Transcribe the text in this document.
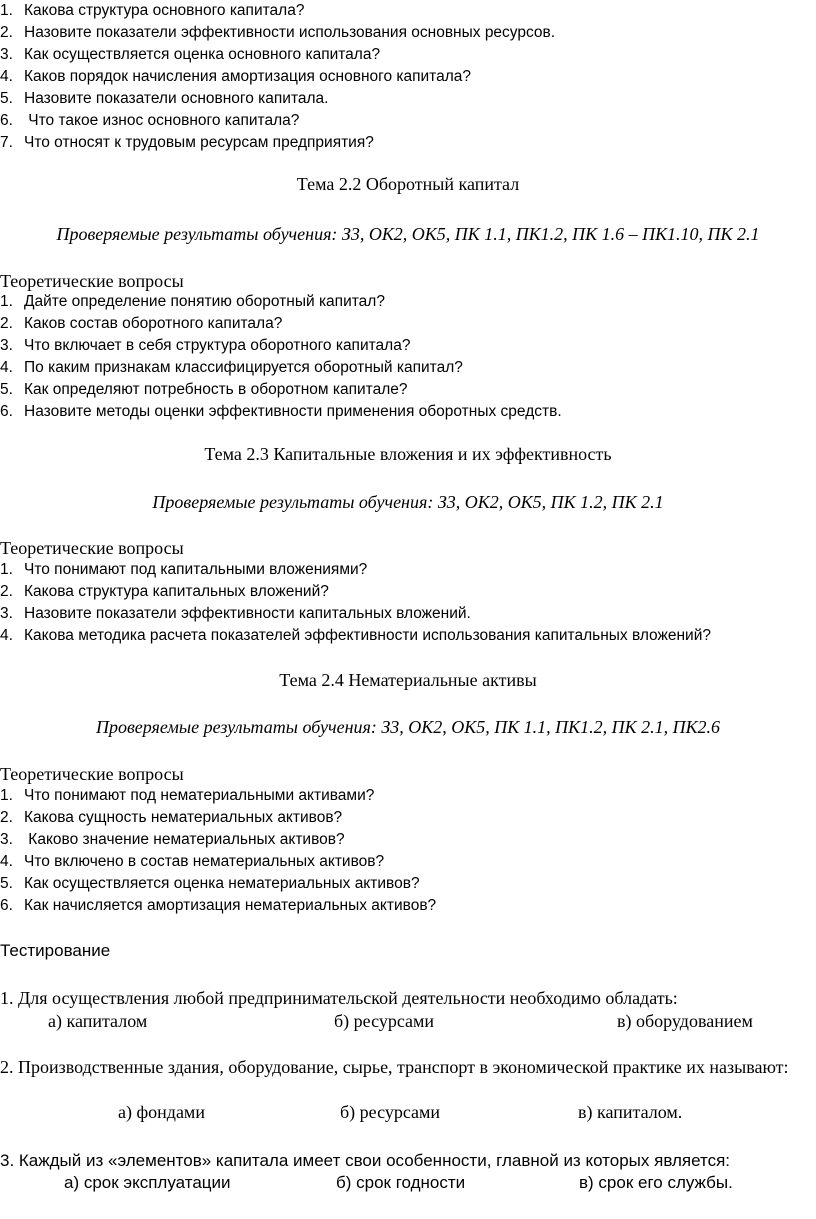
1. Какова структура основного капитала?
2. Назовите показатели эффективности использования основных ресурсов.
3. Как осуществляется оценка основного капитала?
4. Каков порядок начисления амортизация основного капитала?
5. Назовите показатели основного капитала.
6. Что такое износ основного капитала?
7. Что относят к трудовым ресурсам предприятия?
Тема 2.2 Оборотный капитал
Проверяемые результаты обучения: З3, ОК2, ОК5, ПК 1.1, ПК1.2, ПК 1.6 – ПК1.10, ПК 2.1
Теоретические вопросы
1. Дайте определение понятию оборотный капитал?
2. Каков состав оборотного капитала?
3. Что включает в себя структура оборотного капитала?
4. По каким признакам классифицируется оборотный капитал?
5. Как определяют потребность в оборотном капитале?
6. Назовите методы оценки эффективности применения оборотных средств.
Тема 2.3 Капитальные вложения и их эффективность
Проверяемые результаты обучения: З3, ОК2, ОК5, ПК 1.2, ПК 2.1
Теоретические вопросы
1. Что понимают под капитальными вложениями?
2. Какова структура капитальных вложений?
3. Назовите показатели эффективности капитальных вложений.
4. Какова методика расчета показателей эффективности использования капитальных вложений?
Тема 2.4 Нематериальные активы
Проверяемые результаты обучения: З3, ОК2, ОК5, ПК 1.1, ПК1.2, ПК 2.1, ПК2.6
Теоретические вопросы
1. Что понимают под нематериальными активами?
2. Какова сущность нематериальных активов?
3. Каково значение нематериальных активов?
4. Что включено в состав нематериальных активов?
5. Как осуществляется оценка нематериальных активов?
6. Как начисляется амортизация нематериальных активов?
Тестирование
1. Для осуществления любой предпринимательской деятельности необходимо обладать:
а) капиталом	б) ресурсами	в) оборудованием
2. Производственные здания, оборудование, сырье, транспорт в экономической практике их называют:
а) фондами	б) ресурсами	в) капиталом.
3. Каждый из «элементов» капитала имеет свои особенности, главной из которых является:
а) срок эксплуатации	б) срок годности	в) срок его службы.
